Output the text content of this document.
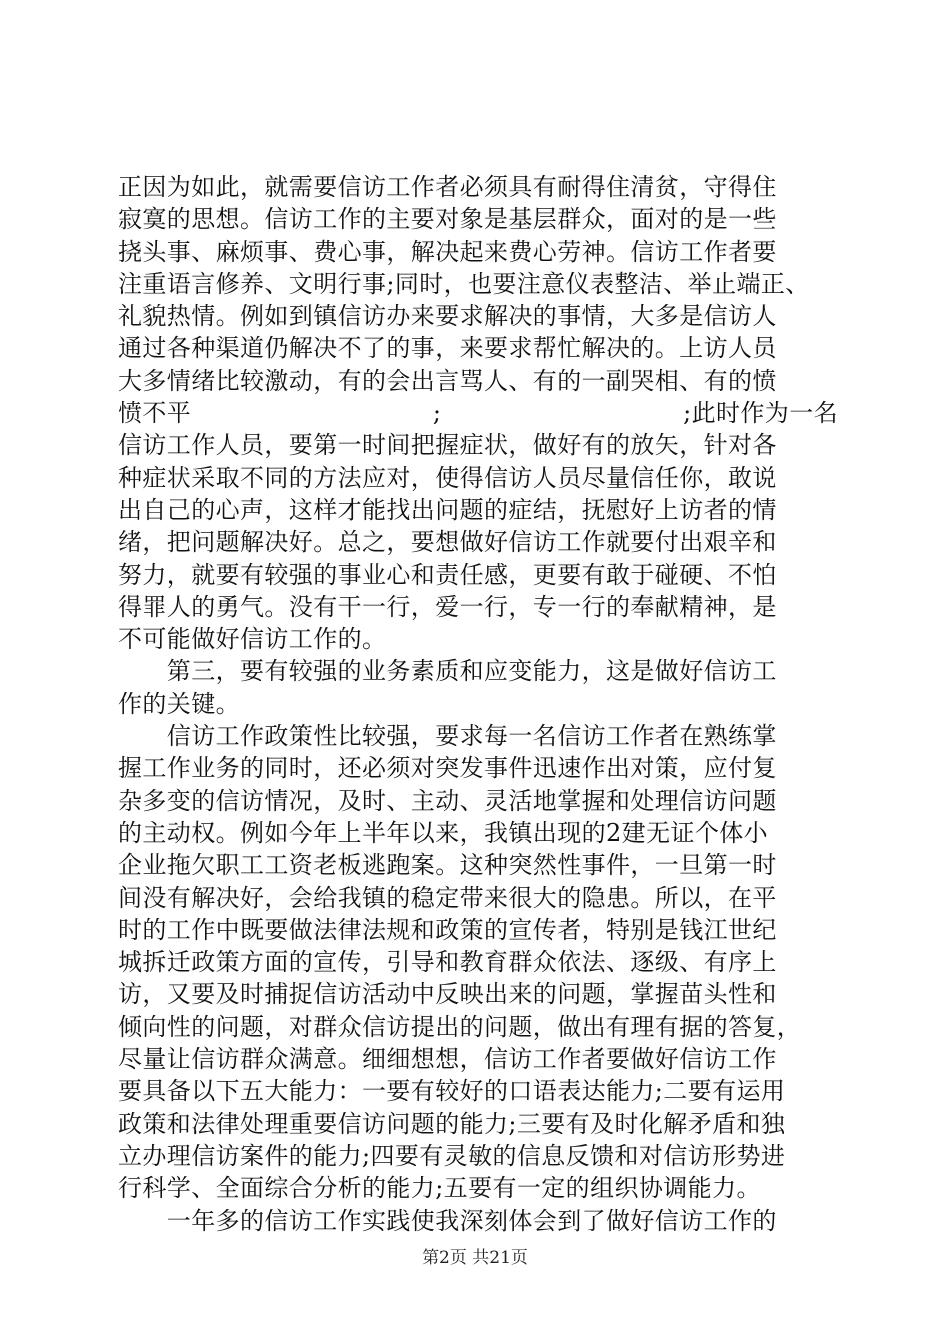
正因为如此，就需要信访工作者必须具有耐得住清贫，守得住
寂寞的思想。信访工作的主要对象是基层群众，面对的是一些
挠头事、麻烦事、费心事，解决起来费心劳神。信访工作者要
注重语言修养、文明行事;同时，也要注意仪表整洁、举止端正、
礼貌热情。例如到镇信访办来要求解决的事情，大多是信访人
通过各种渠道仍解决不了的事，来要求帮忙解决的。上访人员
大多情绪比较激动，有的会出言骂人、有的一副哭相、有的愤
愤不平	;	;此时作为一名
信访工作人员，要第一时间把握症状，做好有的放矢，针对各
种症状采取不同的方法应对，使得信访人员尽量信任你，敢说
出自己的心声，这样才能找出问题的症结，抚慰好上访者的情
绪，把问题解决好。总之，要想做好信访工作就要付出艰辛和
努力，就要有较强的事业心和责任感，更要有敢于碰硬、不怕
得罪人的勇气。没有干一行，爱一行，专一行的奉献精神，是
不可能做好信访工作的。
　　第三，要有较强的业务素质和应变能力，这是做好信访工
作的关键。
　　信访工作政策性比较强，要求每一名信访工作者在熟练掌
握工作业务的同时，还必须对突发事件迅速作出对策，应付复
杂多变的信访情况，及时、主动、灵活地掌握和处理信访问题
的主动权。例如今年上半年以来，我镇出现的2建无证个体小
企业拖欠职工工资老板逃跑案。这种突然性事件，一旦第一时
间没有解决好，会给我镇的稳定带来很大的隐患。所以，在平
时的工作中既要做法律法规和政策的宣传者，特别是钱江世纪
城拆迁政策方面的宣传，引导和教育群众依法、逐级、有序上
访，又要及时捕捉信访活动中反映出来的问题，掌握苗头性和
倾向性的问题，对群众信访提出的问题，做出有理有据的答复，
尽量让信访群众满意。细细想想，信访工作者要做好信访工作
要具备以下五大能力：一要有较好的口语表达能力;二要有运用
政策和法律处理重要信访问题的能力;三要有及时化解矛盾和独
立办理信访案件的能力;四要有灵敏的信息反馈和对信访形势进
行科学、全面综合分析的能力;五要有一定的组织协调能力。
　　一年多的信访工作实践使我深刻体会到了做好信访工作的
第2页 共21页
